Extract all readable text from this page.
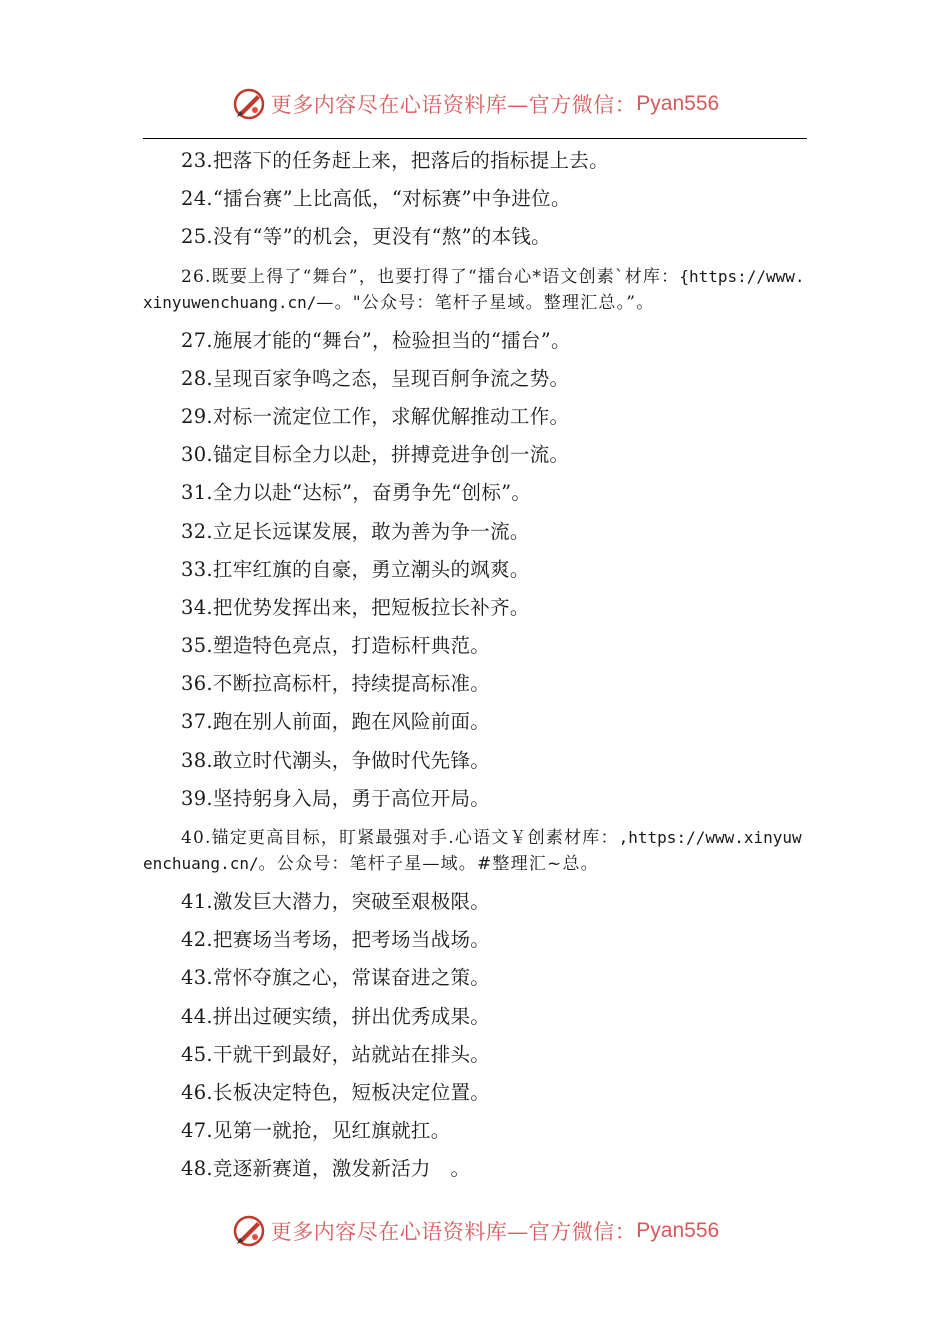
更多内容尽在心语资料库—官方微信： Pyan556
23.把落下的任务赶上来，把落后的指标提上去。
24.“擂台赛”上比高低，“对标赛”中争进位。
25.没有“等”的机会，更没有“熬”的本钱。
26.既要上得了“舞台”，也要打得了“擂台心*语文创素`材库：{https://www.xinyuwenchuang.cn/—。"公众号：笔杆子星域。整理汇总。”。
27.施展才能的“舞台”，检验担当的“擂台”。
28.呈现百家争鸣之态，呈现百舸争流之势。
29.对标一流定位工作，求解优解推动工作。
30.锚定目标全力以赴，拼搏竞进争创一流。
31.全力以赴“达标”，奋勇争先“创标”。
32.立足长远谋发展，敢为善为争一流。
33.扛牢红旗的自豪，勇立潮头的飒爽。
34.把优势发挥出来，把短板拉长补齐。
35.塑造特色亮点，打造标杆典范。
36.不断拉高标杆，持续提高标准。
37.跑在别人前面，跑在风险前面。
38.敢立时代潮头，争做时代先锋。
39.坚持躬身入局，勇于高位开局。
40.锚定更高目标，盯紧最强对手.心语文￥创素材库：,https://www.xinyuwenchuang.cn/。公众号：笔杆子星—域。#整理汇~总。
41.激发巨大潜力，突破至艰极限。
42.把赛场当考场，把考场当战场。
43.常怀夺旗之心，常谋奋进之策。
44.拼出过硬实绩，拼出优秀成果。
45.干就干到最好，站就站在排头。
46.长板决定特色，短板决定位置。
47.见第一就抢，见红旗就扛。
48.竞逐新赛道，激发新活力　。
更多内容尽在心语资料库—官方微信： Pyan556
